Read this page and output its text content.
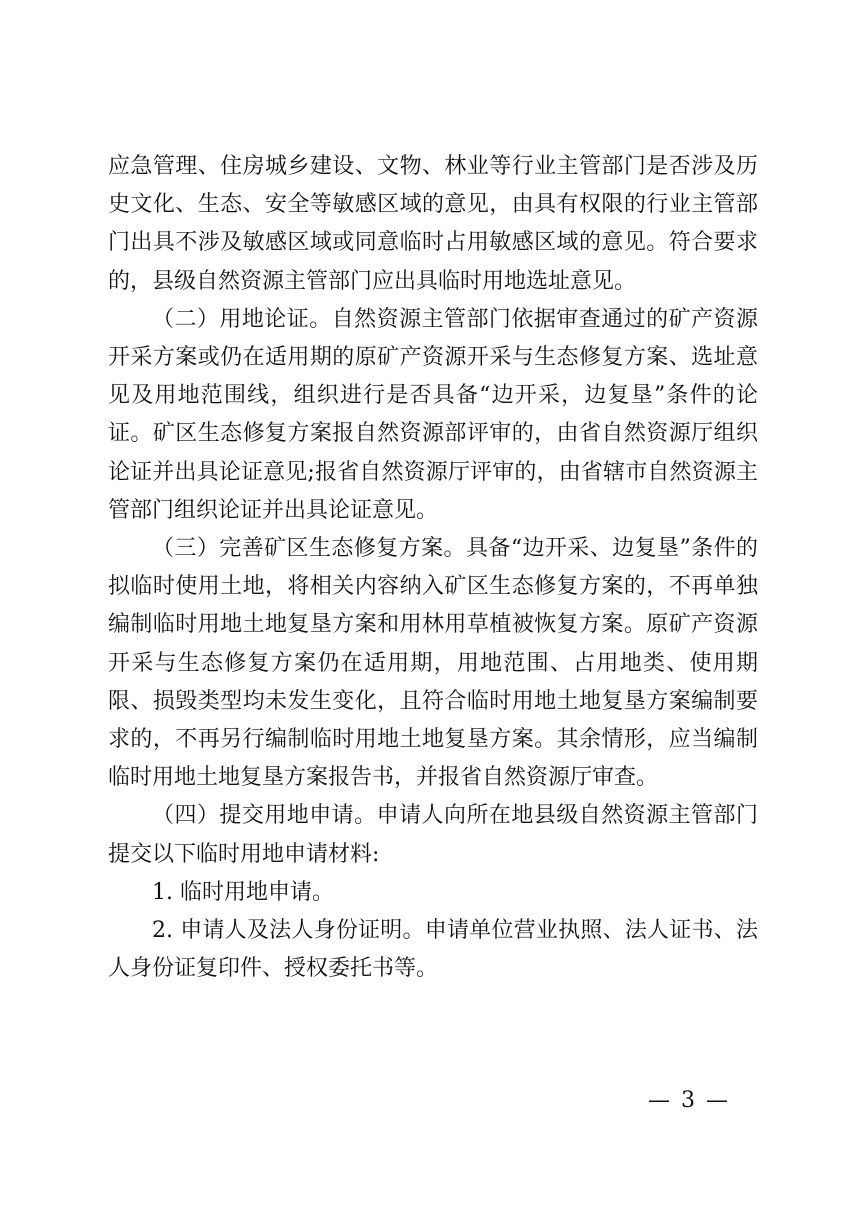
应急管理、住房城乡建设、文物、林业等行业主管部门是否涉及历史文化、生态、安全等敏感区域的意见，由具有权限的行业主管部门出具不涉及敏感区域或同意临时占用敏感区域的意见。符合要求的，县级自然资源主管部门应出具临时用地选址意见。

（二）用地论证。自然资源主管部门依据审查通过的矿产资源开采方案或仍在适用期的原矿产资源开采与生态修复方案、选址意见及用地范围线，组织进行是否具备“边开采，边复垦”条件的论证。矿区生态修复方案报自然资源部评审的，由省自然资源厅组织论证并出具论证意见;报省自然资源厅评审的，由省辖市自然资源主管部门组织论证并出具论证意见。

（三）完善矿区生态修复方案。具备“边开采、边复垦”条件的拟临时使用土地，将相关内容纳入矿区生态修复方案的，不再单独编制临时用地土地复垦方案和用林用草植被恢复方案。原矿产资源开采与生态修复方案仍在适用期，用地范围、占用地类、使用期限、损毁类型均未发生变化，且符合临时用地土地复垦方案编制要求的，不再另行编制临时用地土地复垦方案。其余情形，应当编制临时用地土地复垦方案报告书，并报省自然资源厅审查。

（四）提交用地申请。申请人向所在地县级自然资源主管部门提交以下临时用地申请材料:

1. 临时用地申请。

2. 申请人及法人身份证明。申请单位营业执照、法人证书、法人身份证复印件、授权委托书等。

— 3 —
